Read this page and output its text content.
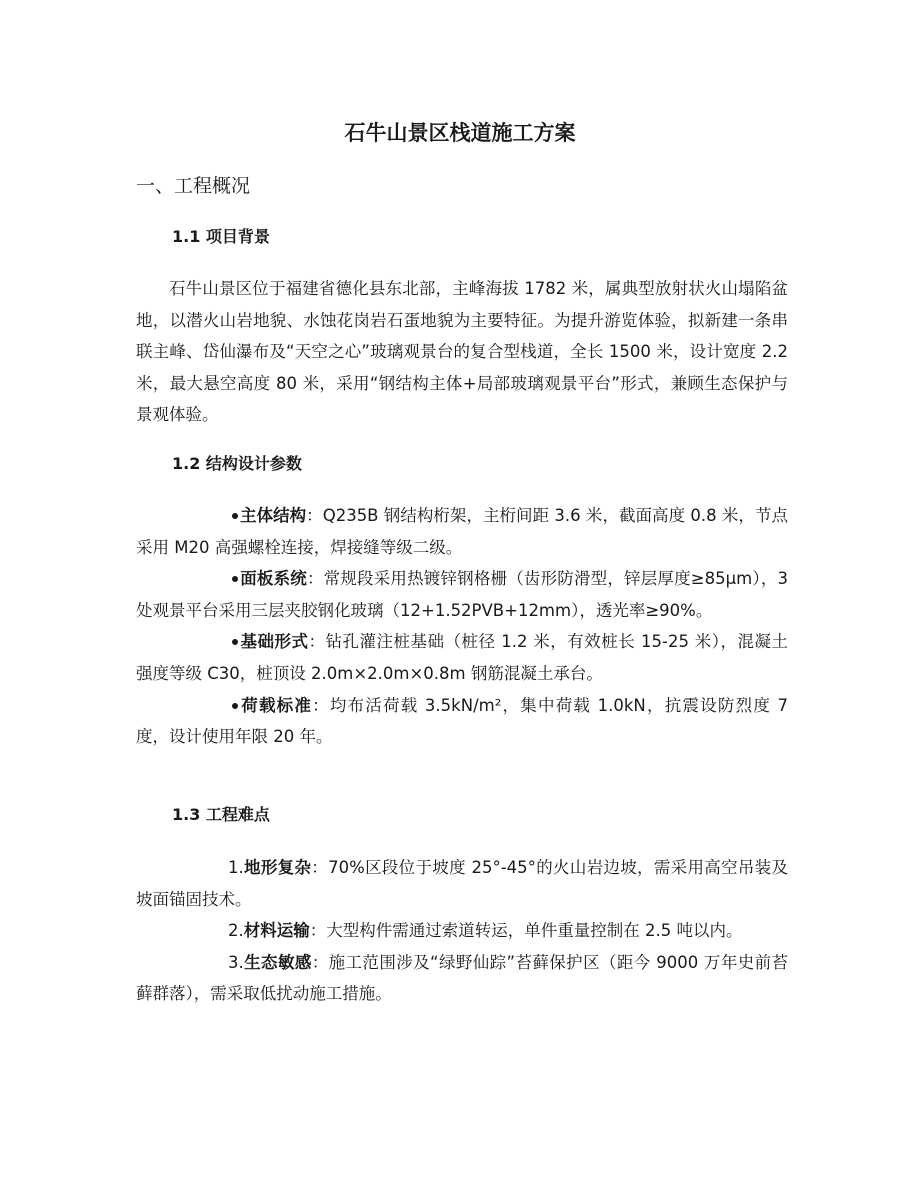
石牛山景区栈道施工方案
一、工程概况
1.1 项目背景
石牛山景区位于福建省德化县东北部，主峰海拔 1782 米，属典型放射状火山塌陷盆地，以潜火山岩地貌、水蚀花岗岩石蛋地貌为主要特征。为提升游览体验，拟新建一条串联主峰、岱仙瀑布及“天空之心”玻璃观景台的复合型栈道，全长 1500 米，设计宽度 2.2 米，最大悬空高度 80 米，采用“钢结构主体+局部玻璃观景平台”形式，兼顾生态保护与景观体验。
1.2 结构设计参数
主体结构：Q235B 钢结构桁架，主桁间距 3.6 米，截面高度 0.8 米，节点采用 M20 高强螺栓连接，焊接缝等级二级。
面板系统：常规段采用热镀锌钢格栅（齿形防滑型，锌层厚度≥85μm），3 处观景平台采用三层夹胶钢化玻璃（12+1.52PVB+12mm），透光率≥90%。
基础形式：钻孔灌注桩基础（桩径 1.2 米，有效桩长 15-25 米），混凝土强度等级 C30，桩顶设 2.0m×2.0m×0.8m 钢筋混凝土承台。
荷载标准：均布活荷载 3.5kN/m²，集中荷载 1.0kN，抗震设防烈度 7 度，设计使用年限 20 年。
1.3 工程难点
1.地形复杂：70%区段位于坡度 25°-45°的火山岩边坡，需采用高空吊装及坡面锚固技术。
2.材料运输：大型构件需通过索道转运，单件重量控制在 2.5 吨以内。
3.生态敏感：施工范围涉及“绿野仙踪”苔藓保护区（距今 9000 万年史前苔藓群落），需采取低扰动施工措施。
